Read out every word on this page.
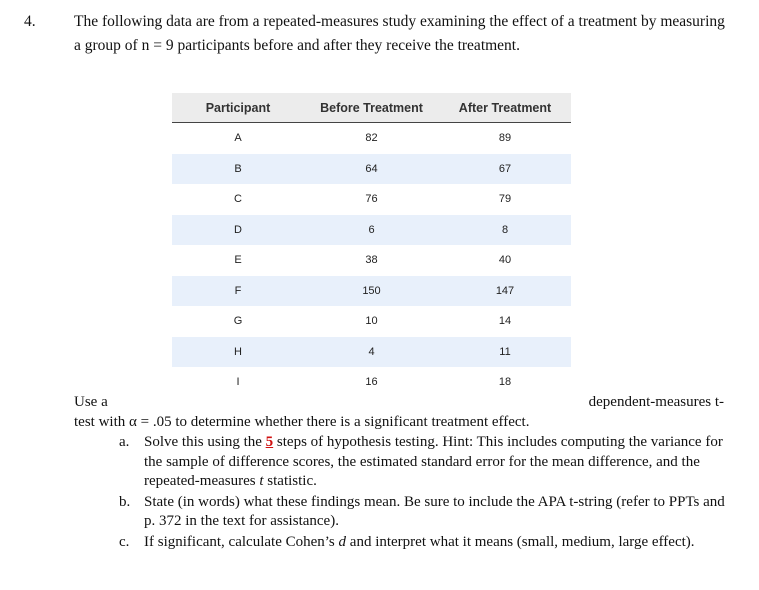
4. The following data are from a repeated-measures study examining the effect of a treatment by measuring a group of n = 9 participants before and after they receive the treatment.
Participant	Before Treatment	After Treatment
A	82	89
B	64	67
C	76	79
D	6	8
E	38	40
F	150	147
G	10	14
H	4	11
I	16	18
Use a	dependent-measures t-
test with α = .05 to determine whether there is a significant treatment effect.
a. Solve this using the 5 steps of hypothesis testing. Hint: This includes computing the variance for the sample of difference scores, the estimated standard error for the mean difference, and the repeated-measures t statistic.
b. State (in words) what these findings mean. Be sure to include the APA t-string (refer to PPTs and p. 372 in the text for assistance).
c. If significant, calculate Cohen’s d and interpret what it means (small, medium, large effect).
